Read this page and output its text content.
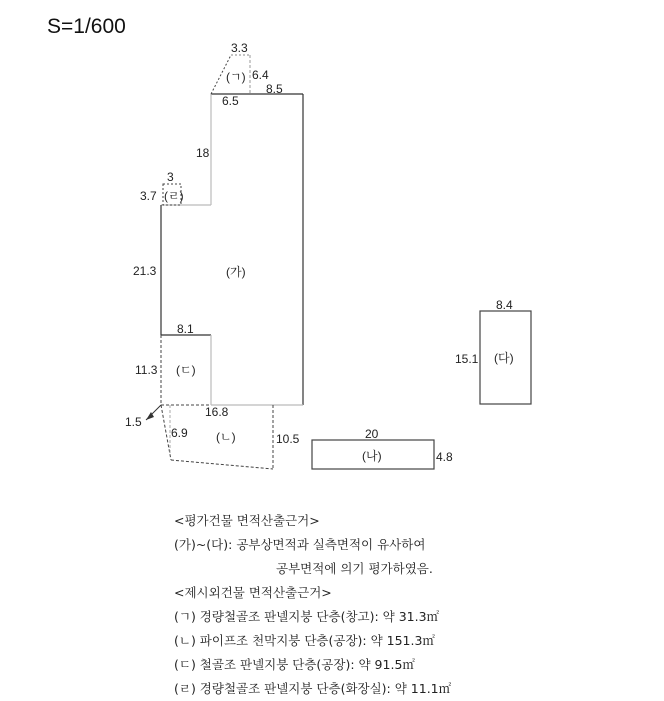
S=1/600
(가)
6.5
8.5
18
21.3
16.8
3.3
(ㄱ) 6.4
3
3.7 (ㄹ)
8.1
11.3 (ㄷ)
1.5
6.9 (ㄴ)	10.5	20
(나)	4.8
8.4
15.1 (다)
<평가건물 면적산출근거>
(가)~(다): 공부상면적과 실측면적이 유사하여
공부면적에 의기 평가하였음.
<제시외건물 면적산출근거>
(ㄱ) 경량철골조 판넬지붕 단층(창고): 약 31.3㎡
(ㄴ) 파이프조 천막지붕 단층(공장): 약 151.3㎡
(ㄷ) 철골조 판넬지붕 단층(공장): 약 91.5㎡
(ㄹ) 경량철골조 판넬지붕 단층(화장실): 약 11.1㎡
